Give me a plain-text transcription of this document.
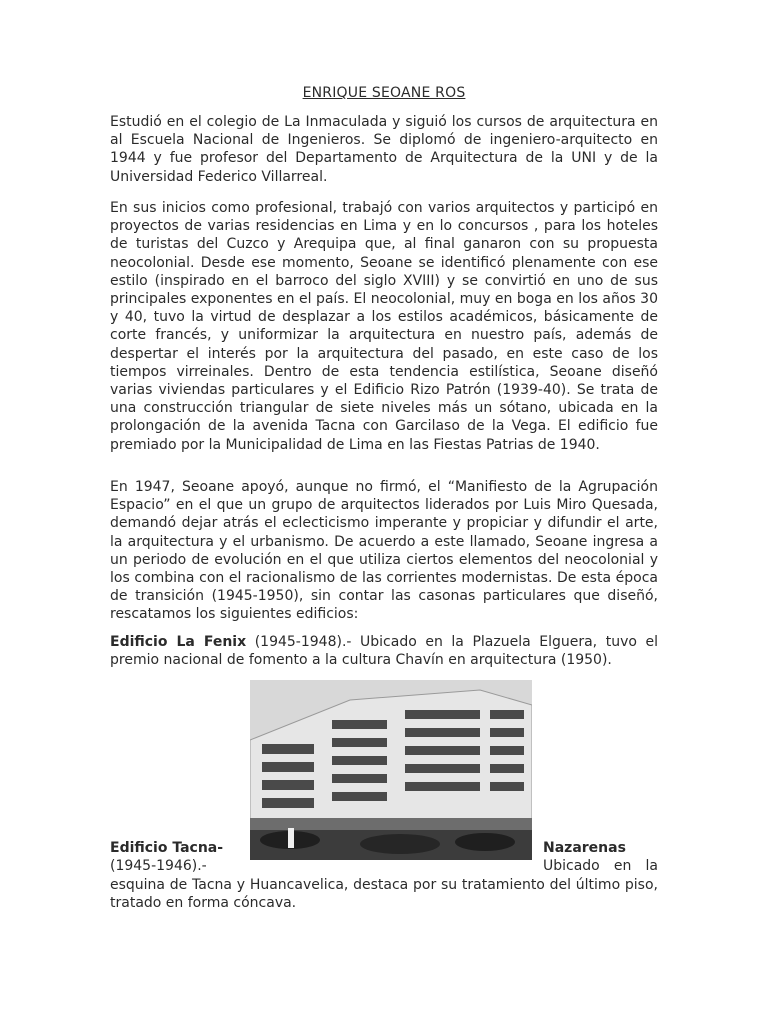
ENRIQUE SEOANE ROS

Estudió en el colegio de La Inmaculada y siguió los cursos de arquitectura en al Escuela Nacional de Ingenieros. Se diplomó de ingeniero-arquitecto en 1944 y fue profesor del Departamento de Arquitectura de la UNI y de la Universidad Federico Villarreal.

En sus inicios como profesional, trabajó con varios arquitectos y participó en proyectos de varias residencias en Lima y en lo concursos , para los hoteles de turistas del Cuzco y Arequipa que, al final ganaron con su propuesta neocolonial. Desde ese momento, Seoane se identificó plenamente con ese estilo (inspirado en el barroco del siglo XVIII) y se convirtió en uno de sus principales exponentes en el país. El neocolonial, muy en boga en los años 30 y 40, tuvo la virtud de desplazar a los estilos académicos, básicamente de corte francés, y uniformizar la arquitectura en nuestro país, además de despertar el interés por la arquitectura del pasado, en este caso de los tiempos virreinales. Dentro de esta tendencia estilística, Seoane diseñó varias viviendas particulares y el Edificio Rizo Patrón (1939-40). Se trata de una construcción triangular de siete niveles más un sótano, ubicada en la prolongación de la avenida Tacna con Garcilaso de la Vega. El edificio fue premiado por la Municipalidad de Lima en las Fiestas Patrias de 1940.

En 1947, Seoane apoyó, aunque no firmó, el “Manifiesto de la Agrupación Espacio” en el que un grupo de arquitectos liderados por Luis Miro Quesada, demandó dejar atrás el eclecticismo imperante y propiciar y difundir el arte, la arquitectura y el urbanismo. De acuerdo a este llamado, Seoane ingresa a un periodo de evolución en el que utiliza ciertos elementos del neocolonial y los combina con el racionalismo de las corrientes modernistas. De esta época de transición (1945-1950), sin contar las casonas particulares que diseñó, rescatamos los siguientes edificios:

Edificio La Fenix (1945-1948).- Ubicado en la Plazuela Elguera, tuvo el premio nacional de fomento a la cultura Chavín en arquitectura (1950).

Edificio Tacna-	Nazarenas
(1945-1946).-	Ubicado en la

esquina de Tacna y Huancavelica, destaca por su tratamiento del último piso, tratado en forma cóncava.
